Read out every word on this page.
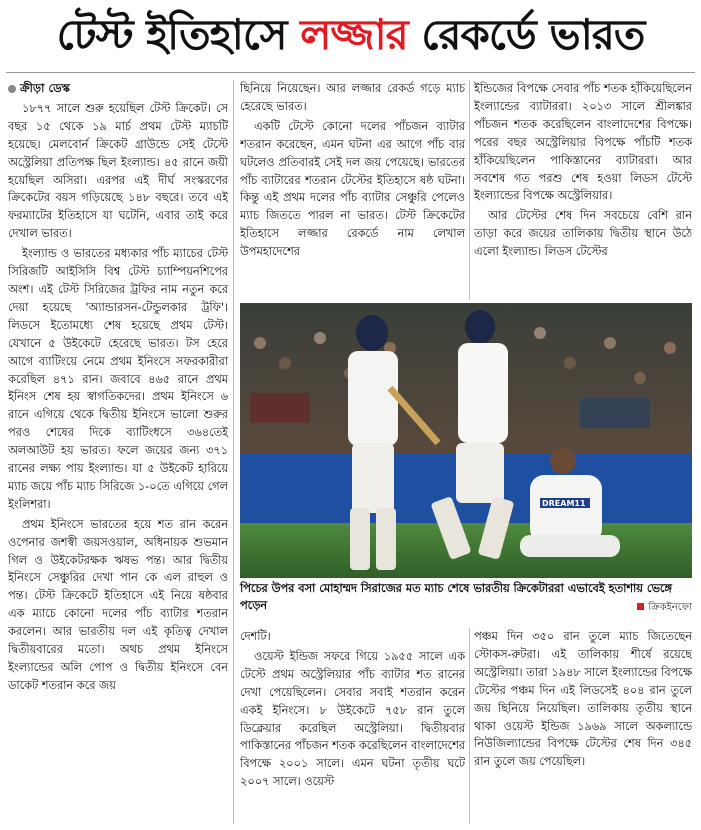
টেস্ট ইতিহাসে লজ্জার রেকর্ডে ভারত
ক্রীড়া ডেস্ক

১৮৭৭ সালে শুরু হয়েছিল টেস্ট ক্রিকেট। সে বছর ১৫ থেকে ১৯ মার্চ প্রথম টেস্ট ম্যাচটি হয়েছে। মেলবোর্ন ক্রিকেট গ্রাউন্ডে সেই টেস্টে অস্ট্রেলিয়া প্রতিপক্ষ ছিল ইংল্যান্ড। ৪৫ রানে জয়ী হয়েছিল অসিরা। এরপর এই দীর্ঘ সংস্করণের ক্রিকেটের বয়স গড়িয়েছে ১৪৮ বছরে। তবে এই ফরম্যাটের ইতিহাসে যা ঘটেনি, এবার তাই করে দেখাল ভারত।

ইংল্যান্ড ও ভারতের মধ্যকার পাঁচ ম্যাচের টেস্ট সিরিজটি আইসিসি বিশ্ব টেস্ট চ্যাম্পিয়নশিপের অংশ। এই টেস্ট সিরিজের ট্রফির নাম নতুন করে দেয়া হয়েছে 'অ্যান্ডারসন-টেন্ডুলকার ট্রফি'। লিডসে ইতোমধ্যে শেষ হয়েছে প্রথম টেস্ট। যেখানে ৫ উইকেটে হেরেছে ভারত। টস হেরে আগে ব্যাটিংয়ে নেমে প্রথম ইনিংসে সফরকারীরা করেছিল ৪৭১ রান। জবাবে ৪৬৫ রানে প্রথম ইনিংস শেষ হয় স্বাগতিকদের। প্রথম ইনিংসে ৬ রানে এগিয়ে থেকে দ্বিতীয় ইনিংসে ভালো শুরুর পরও শেষের দিকে ব্যাটিংধসে ৩৬৪তেই অলআউট হয় ভারত। ফলে জয়ের জন্য ৩৭১ রানের লক্ষ্য পায় ইংল্যান্ড। যা ৫ উইকেট হারিয়ে ম্যাচ জয়ে পাঁচ ম্যাচ সিরিজে ১-০তে এগিয়ে গেল ইংলিশরা।

প্রথম ইনিংসে ভারতের হয়ে শত রান করেন ওপেনার জশস্বী জয়সওয়াল, অধিনায়ক শুভমান গিল ও উইকেটরক্ষক ঋষভ পন্ত। আর দ্বিতীয় ইনিংসে সেঞ্চুরির দেখা পান কে এল রাহুল ও পন্ত। টেস্ট ক্রিকেটে ইতিহাসে এই নিয়ে ষষ্ঠবার এক ম্যাচে কোনো দলের পাঁচ ব্যাটার শতরান করলেন। আর ভারতীয় দল এই কৃতিত্ব দেখাল দ্বিতীয়বারের মতো। অথচ প্রথম ইনিংসে ইংল্যান্ডের অলি পোপ ও দ্বিতীয় ইনিংসে বেন ডাকেট শতরান করে জয়

ছিনিয়ে নিয়েছেন। আর লজ্জার রেকর্ড গড়ে ম্যাচ হেরেছে ভারত।

একটি টেস্টে কোনো দলের পাঁচজন ব্যাটার শতরান করেছেন, এমন ঘটনা এর আগে পাঁচ বার ঘটলেও প্রতিবারই সেই দল জয় পেয়েছে। ভারতের পাঁচ ব্যাটারের শতরান টেস্টের ইতিহাসে ষষ্ঠ ঘটনা। কিন্তু এই প্রথম দলের পাঁচ ব্যাটার সেঞ্চুরি পেলেও ম্যাচ জিততে পারল না ভারত। টেস্ট ক্রিকেটের ইতিহাসে লজ্জার রেকর্ডে নাম লেখাল উপমহাদেশের

ইন্ডিজের বিপক্ষে সেবার পাঁচ শতক হাঁকিয়েছিলেন ইংল্যান্ডের ব্যাটাররা। ২০১৩ সালে শ্রীলঙ্কার পাঁচজন শতক করেছিলেন বাংলাদেশের বিপক্ষে। পরের বছর অস্ট্রেলিয়ার বিপক্ষে পাঁচটি শতক হাঁকিয়েছিলেন পাকিস্তানের ব্যাটাররা। আর সবশেষ গত পরশু শেষ হওয়া লিডস টেস্টে ইংল্যান্ডের বিপক্ষে অস্ট্রেলিয়ার।

আর টেস্টের শেষ দিন সবচেয়ে বেশি রান তাড়া করে জয়ের তালিকায় দ্বিতীয় স্থানে উঠে এলো ইংল্যান্ড। লিডস টেস্টের

DREAM11
পিচের উপর বসা মোহাম্মদ সিরাজের মত ম্যাচ শেষে ভারতীয় ক্রিকেটাররা এভাবেই হতাশায় ভেঙ্গে পড়েন	ক্রিকইনফো

দেশটি।

ওয়েস্ট ইন্ডিজ সফরে গিয়ে ১৯৫৫ সালে এক টেস্টে প্রথম অস্ট্রেলিয়ার পাঁচ ব্যাটার শত রানের দেখা পেয়েছিলেন। সেবার সবাই শতরান করেন একই ইনিংসে। ৮ উইকেটে ৭৫৮ রান তুলে ডিক্লেয়ার করেছিল অস্ট্রেলিয়া। দ্বিতীয়বার পাকিস্তানের পাঁচজন শতক করেছিলেন বাংলাদেশের বিপক্ষে ২০০১ সালে। এমন ঘটনা তৃতীয় ঘটে ২০০৭ সালে। ওয়েস্ট

পঞ্চম দিন ৩৫০ রান তুলে ম্যাচ জিতেছেন স্টোকস-রুটরা। এই তালিকায় শীর্ষে রয়েছে অস্ট্রেলিয়া। তারা ১৯৪৮ সালে ইংল্যান্ডের বিপক্ষে টেস্টের পঞ্চম দিন এই লিডসেই ৪০৪ রান তুলে জয় ছিনিয়ে নিয়েছিল। তালিকায় তৃতীয় স্থানে থাকা ওয়েস্ট ইন্ডিজ ১৯৬৯ সালে অকল্যান্ডে নিউজিল্যান্ডের বিপক্ষে টেস্টের শেষ দিন ৩৪৫ রান তুলে জয় পেয়েছিল।
